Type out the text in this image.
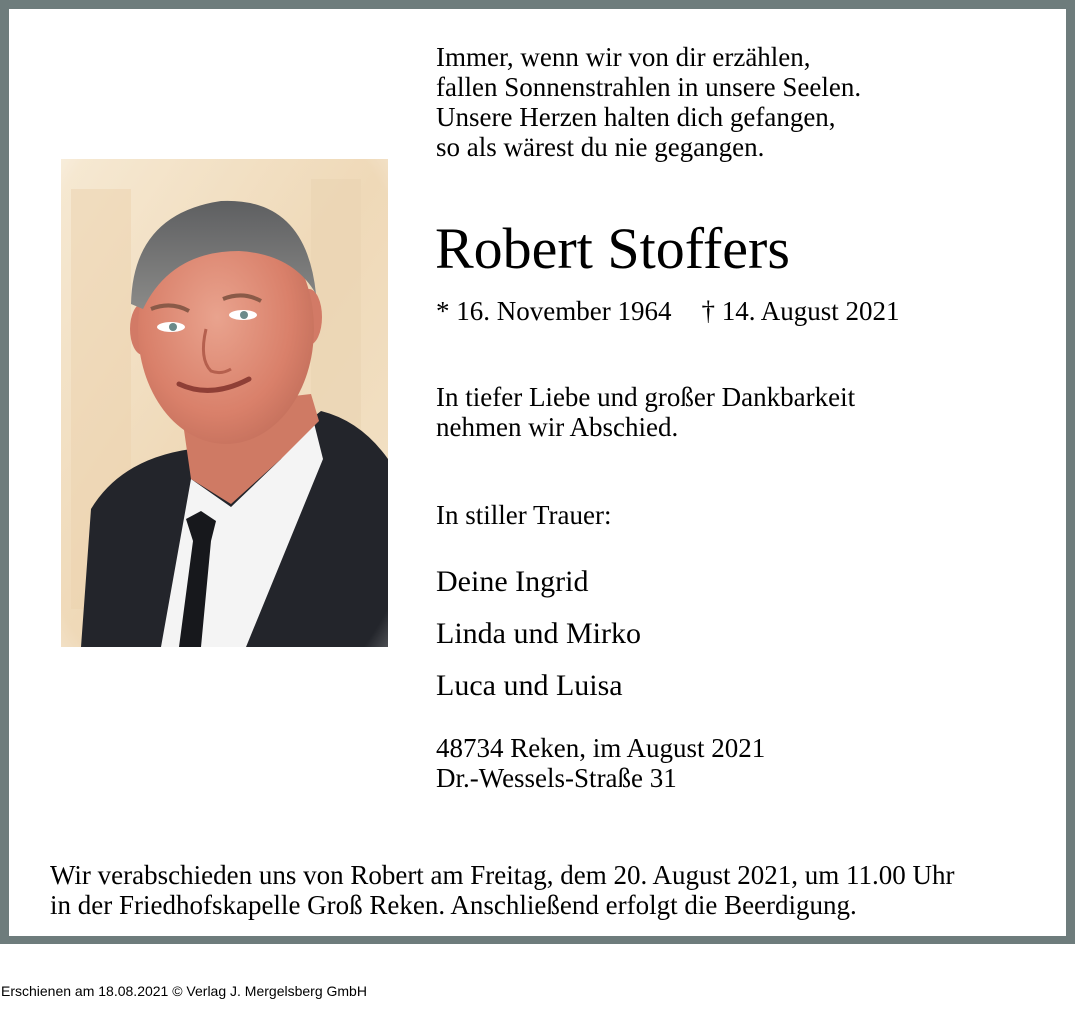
Immer, wenn wir von dir erzählen,
fallen Sonnenstrahlen in unsere Seelen.
Unsere Herzen halten dich gefangen,
so als wärest du nie gegangen.
Robert Stoffers
* 16. November 1964 † 14. August 2021
In tiefer Liebe und großer Dankbarkeit
nehmen wir Abschied.
In stiller Trauer:
Deine Ingrid
Linda und Mirko
Luca und Luisa
48734 Reken, im August 2021
Dr.-Wessels-Straße 31
Wir verabschieden uns von Robert am Freitag, dem 20. August 2021, um 11.00 Uhr
in der Friedhofskapelle Groß Reken. Anschließend erfolgt die Beerdigung.
Erschienen am 18.08.2021 © Verlag J. Mergelsberg GmbH
